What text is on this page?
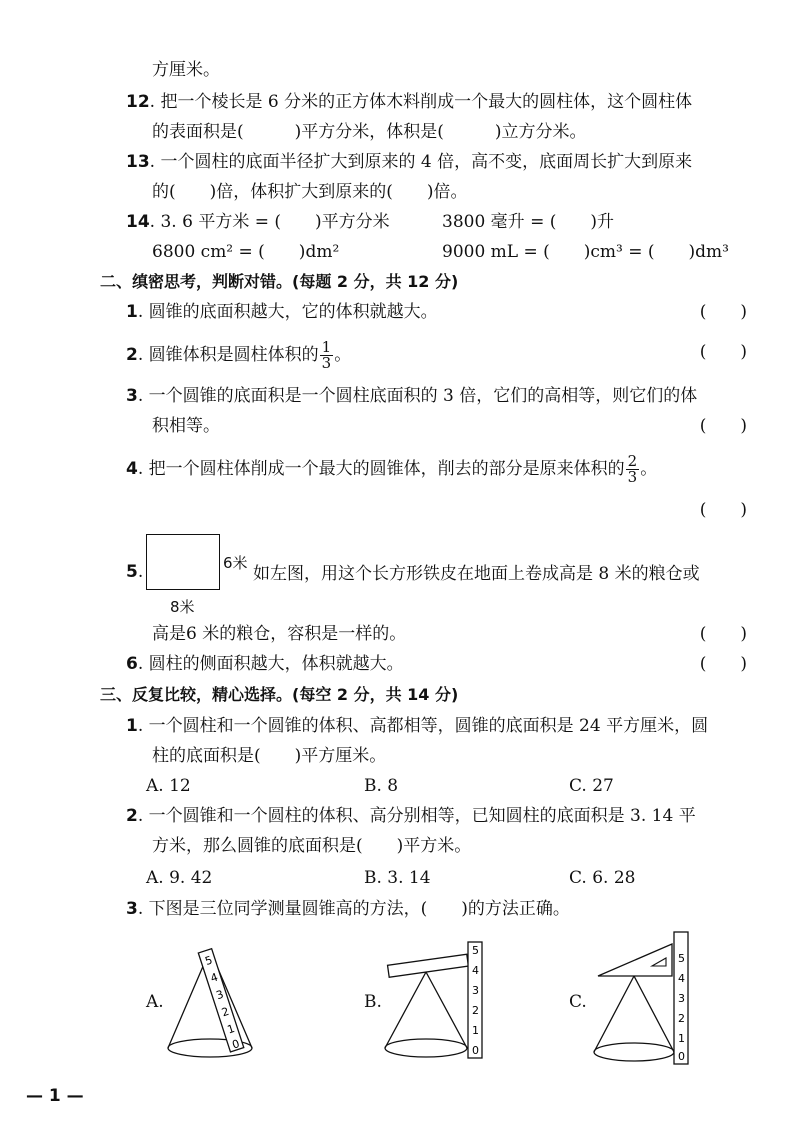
方厘米。
12. 把一个棱长是 6 分米的正方体木料削成一个最大的圆柱体，这个圆柱体
的表面积是(　　　)平方分米，体积是(　　　)立方分米。
13. 一个圆柱的底面半径扩大到原来的 4 倍，高不变，底面周长扩大到原来
的(　　)倍，体积扩大到原来的(　　)倍。
14. 3. 6 平方米 = (　　)平方分米	3800 毫升 = (　　)升
6800 cm² = (　　)dm²	9000 mL = (　　)cm³ = (　　)dm³
二、缜密思考，判断对错。(每题 2 分，共 12 分)
1. 圆锥的底面积越大，它的体积就越大。	(　　)
2. 圆锥体积是圆柱体积的 $\frac{1}{3}$ 。	(　　)
3. 一个圆锥的底面积是一个圆柱底面积的 3 倍，它们的高相等，则它们的体
积相等。	(　　)
4. 把一个圆柱体削成一个最大的圆锥体，削去的部分是原来体积的 $\frac{2}{3}$ 。
(　　)
5.	6米
8米
如左图，用这个长方形铁皮在地面上卷成高是 8 米的粮仓或
高是6 米的粮仓，容积是一样的。	(　　)
6. 圆柱的侧面积越大，体积就越大。	(　　)
三、反复比较，精心选择。(每空 2 分，共 14 分)
1. 一个圆柱和一个圆锥的体积、高都相等，圆锥的底面积是 24 平方厘米，圆
柱的底面积是(　　)平方厘米。
A. 12	B. 8	C. 27
2. 一个圆锥和一个圆柱的体积、高分别相等，已知圆柱的底面积是 3. 14 平
方米，那么圆锥的底面积是(　　)平方米。
A. 9. 42	B. 3. 14	C. 6. 28
3. 下图是三位同学测量圆锥高的方法，(　　)的方法正确。
A.
5
4
3
2
1
0
B.
5
4
3
2
1
0
C.
5
4
3
2
1
0
— 1 —
